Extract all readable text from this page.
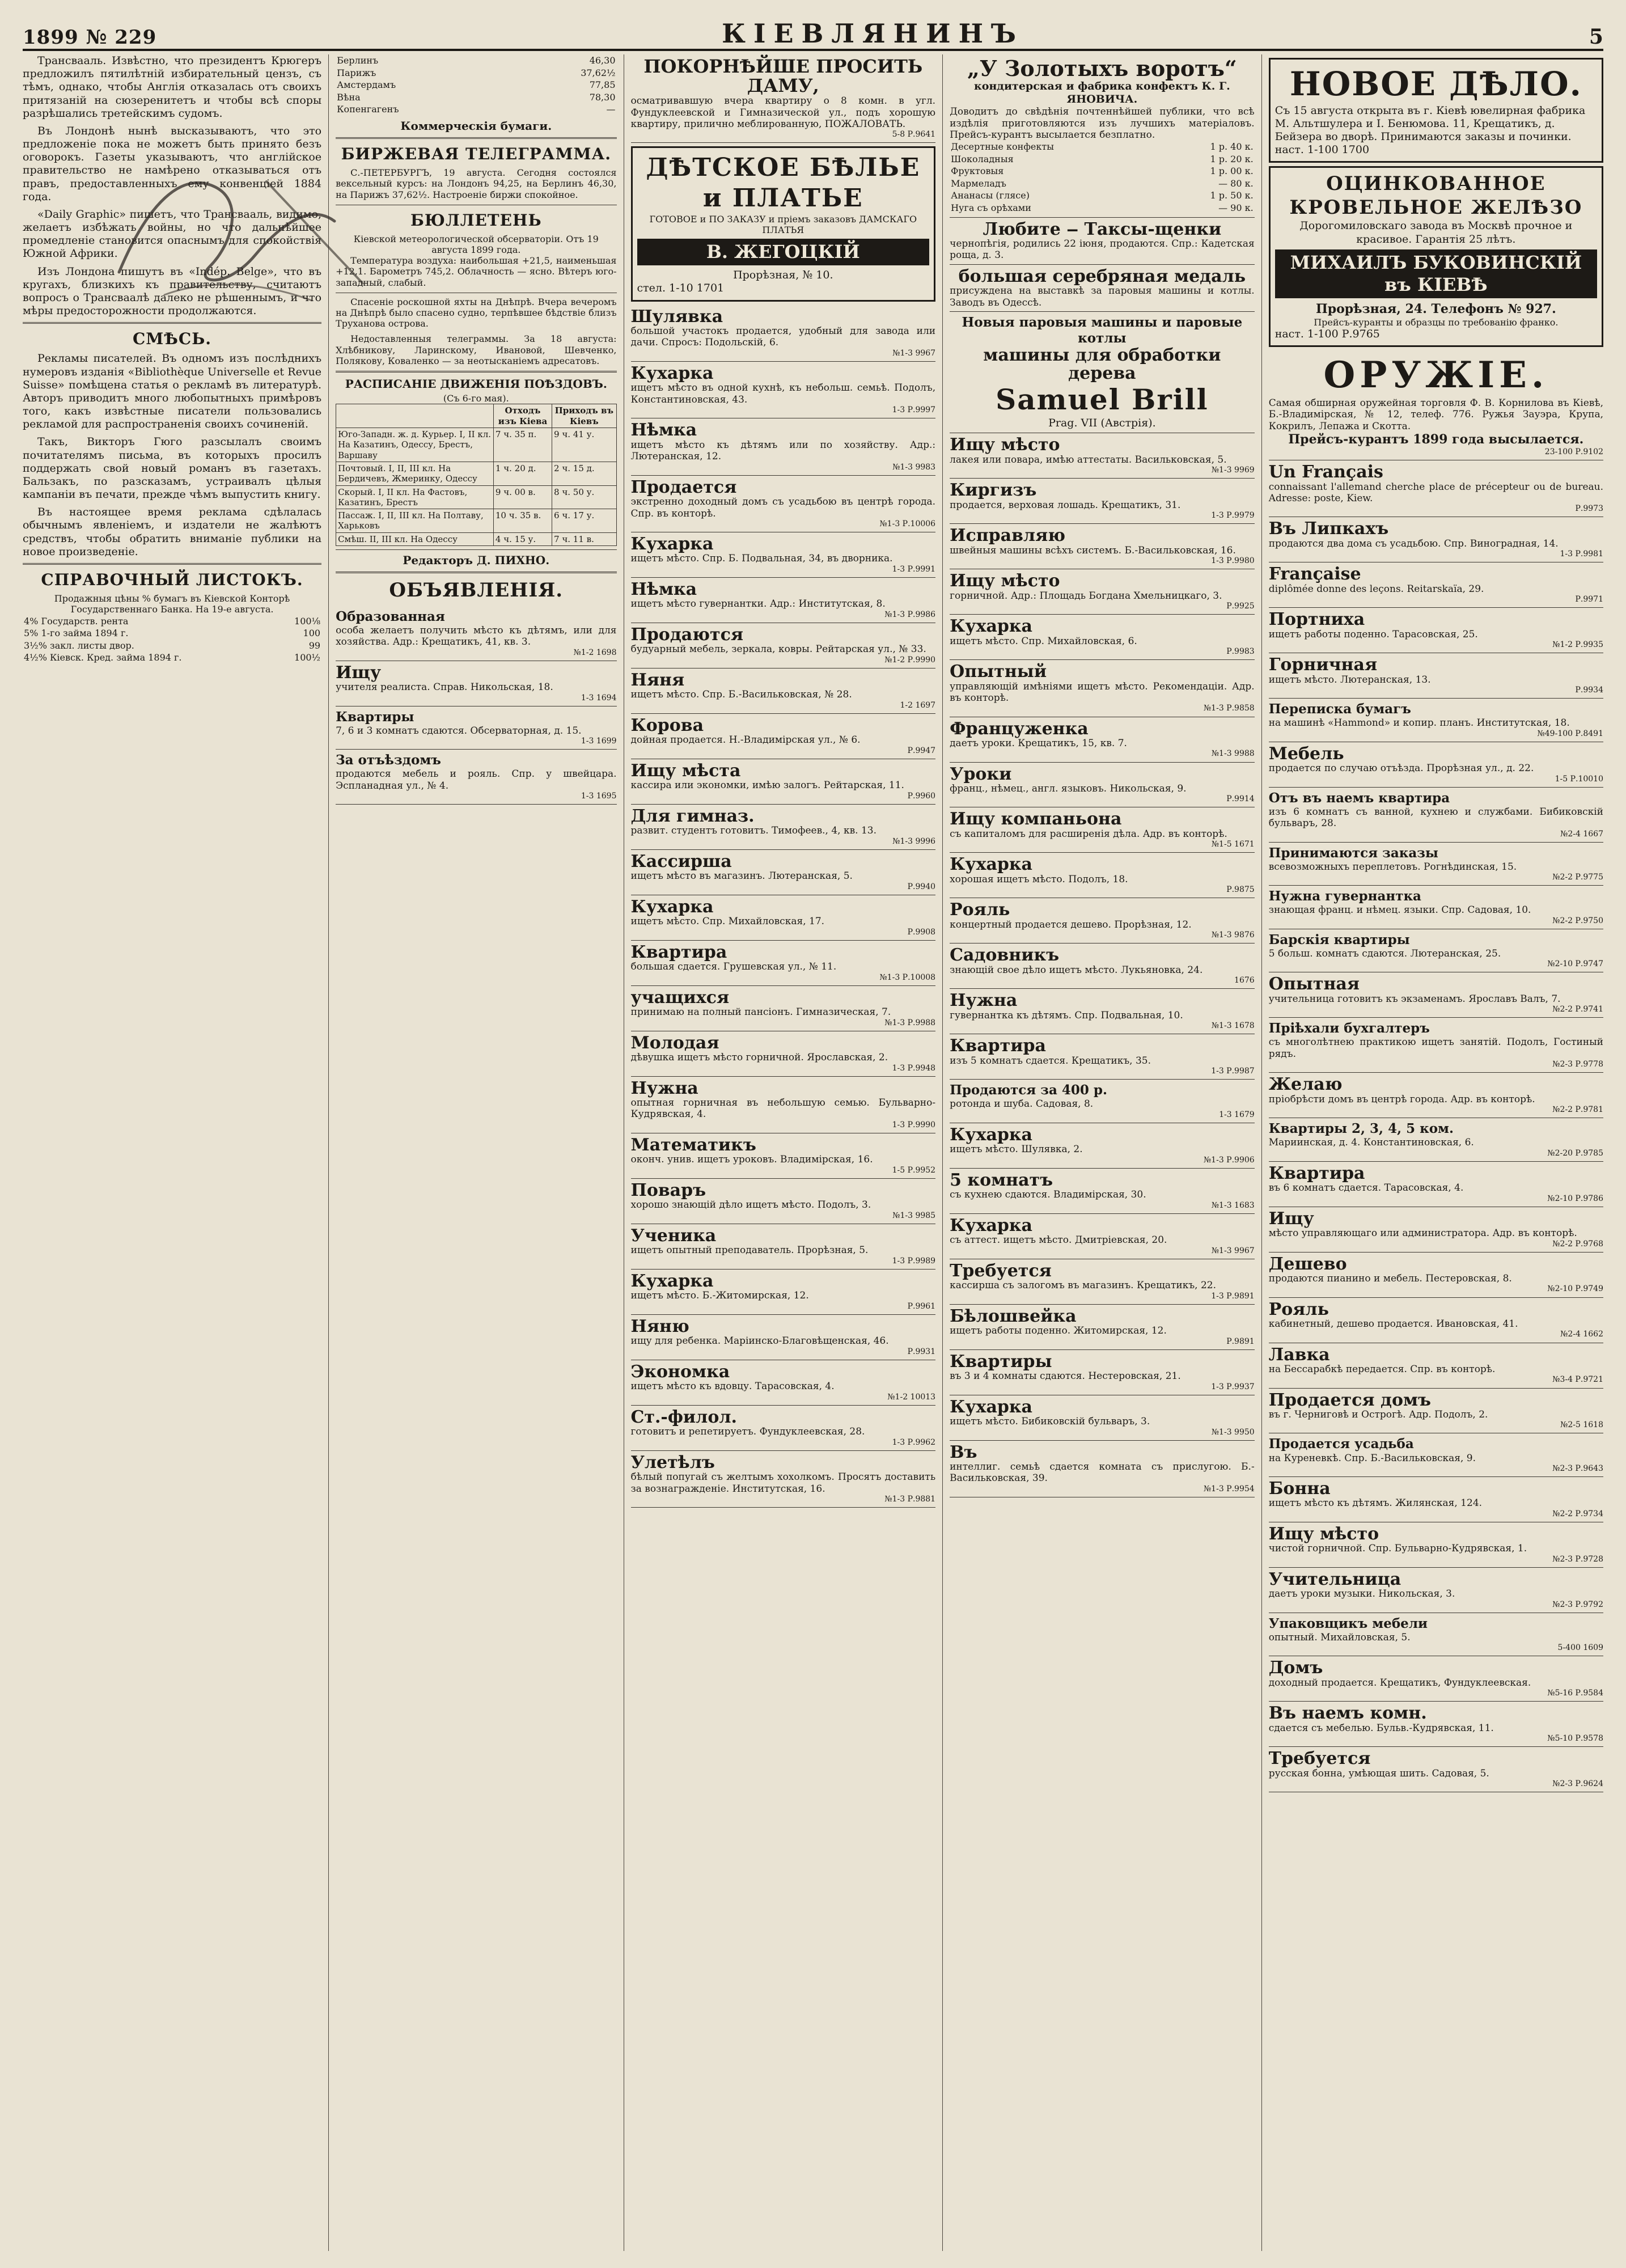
1899 № 229	КІЕВЛЯНИНЪ	5

Трансвааль. Извѣстно, что президентъ Крюгеръ предложилъ пятилѣтній избирательный цензъ, съ тѣмъ, однако, чтобы Англія отказалась отъ своихъ притязаній на сюзеренитетъ и чтобы всѣ споры разрѣшались третейскимъ судомъ.

Въ Лондонѣ нынѣ высказываютъ, что это предложеніе пока не можетъ быть принято безъ оговорокъ. Газеты указываютъ, что англійское правительство не намѣрено отказываться отъ правъ, предоставленныхъ ему конвенціей 1884 года.

«Daily Graphic» пишетъ, что Трансвааль, видимо, желаетъ избѣжать войны, но что дальнѣйшее промедленіе становится опаснымъ для спокойствія Южной Африки.

Изъ Лондона пишутъ въ «Indép. Belge», что въ кругахъ, близкихъ къ правительству, считаютъ вопросъ о Трансваалѣ далеко не рѣшеннымъ, и что мѣры предосторожности продолжаются.

СМѢСЬ.

Рекламы писателей. Въ одномъ изъ послѣднихъ нумеровъ изданія «Bibliothèque Universelle et Revue Suisse» помѣщена статья о рекламѣ въ литературѣ. Авторъ приводитъ много любопытныхъ примѣровъ того, какъ извѣстные писатели пользовались рекламой для распространенія своихъ сочиненій.

Такъ, Викторъ Гюго разсылалъ своимъ почитателямъ письма, въ которыхъ просилъ поддержать свой новый романъ въ газетахъ. Бальзакъ, по разсказамъ, устраивалъ цѣлыя кампаніи въ печати, прежде чѣмъ выпустить книгу.

Въ настоящее время реклама сдѣлалась обычнымъ явленіемъ, и издатели не жалѣютъ средствъ, чтобы обратить вниманіе публики на новое произведеніе.

СПРАВОЧНЫЙ ЛИСТОКЪ.
Продажныя цѣны % бумагъ въ Кіевской Конторѣ Государственнаго Банка. На 19-е августа.
4% Государств. рента	100⅛
5% 1-го займа 1894 г.	100
3½% закл. листы двор.	99
4½% Кіевск. Кред. займа 1894 г.	100½
Берлинъ	46,30
Парижъ	37,62½
Амстердамъ	77,85
Вѣна	78,30
Копенгагенъ	—
Коммерческія бумаги.
БИРЖЕВАЯ ТЕЛЕГРАММА.

С.-ПЕТЕРБУРГЪ, 19 августа. Сегодня состоялся вексельный курсъ: на Лондонъ 94,25, на Берлинъ 46,30, на Парижъ 37,62½. Настроеніе биржи спокойное.

БЮЛЛЕТЕНЬ
Кіевской метеорологической обсерваторіи. Отъ 19 августа 1899 года.

Температура воздуха: наибольшая +21,5, наименьшая +12,1. Барометръ 745,2. Облачность — ясно. Вѣтеръ юго-западный, слабый.

Спасеніе роскошной яхты на Днѣпрѣ. Вчера вечеромъ на Днѣпрѣ было спасено судно, терпѣвшее бѣдствіе близъ Труханова острова.

Недоставленныя телеграммы. За 18 августа: Хлѣбникову, Ларинскому, Ивановой, Шевченко, Полякову, Коваленко — за неотысканіемъ адресатовъ.

РАСПИСАНІЕ ДВИЖЕНІЯ ПОѢЗДОВЪ.
(Съ 6-го мая).
	Отходъ изъ Кіева	Приходъ въ Кіевъ
Юго-Западн. ж. д. Курьер. I, II кл. На Казатинъ, Одессу, Брестъ, Варшаву	7 ч. 35 п.	9 ч. 41 у.
Почтовый. I, II, III кл. На Бердичевъ, Жмеринку, Одессу	1 ч. 20 д.	2 ч. 15 д.
Скорый. I, II кл. На Фастовъ, Казатинъ, Брестъ	9 ч. 00 в.	8 ч. 50 у.
Пассаж. I, II, III кл. На Полтаву, Харьковъ	10 ч. 35 в.	6 ч. 17 у.
Смѣш. II, III кл. На Одессу	4 ч. 15 у.	7 ч. 11 в.
Редакторъ Д. ПИХНО.
ОБЪЯВЛЕНІЯ.
Образованная
особа желаетъ получить мѣсто къ дѣтямъ, или для хозяйства. Адр.: Крещатикъ, 41, кв. 3.
№1-2 1698
Ищу
учителя реалиста. Справ. Никольская, 18.
1-3 1694
Квартиры
7, 6 и 3 комнатъ сдаются. Обсерваторная, д. 15.
1-3 1699
За отъѣздомъ
продаются мебель и рояль. Спр. у швейцара. Эспланадная ул., № 4.
1-3 1695
ПОКОРНѢЙШЕ ПРОСИТЬ ДАМУ,
осматривавшую вчера квартиру о 8 комн. в угл. Фундуклеевской и Гимназической ул., подъ хорошую квартиру, прилично меблированную, ПОЖАЛОВАТЬ.
5-8 Р.9641
ДѢТСКОЕ БѢЛЬЕ и ПЛАТЬЕ
ГОТОВОЕ и ПО ЗАКАЗУ и пріемъ заказовъ ДАМСКАГО ПЛАТЬЯ
В. ЖЕГОЦКІЙ
Прорѣзная, № 10.
стел. 1-10 1701
Шулявка
большой участокъ продается, удобный для завода или дачи. Спросъ: Подольскій, 6.
№1-3 9967
Кухарка
ищетъ мѣсто въ одной кухнѣ, къ небольш. семьѣ. Подолъ, Константиновская, 43.
1-3 Р.9997
Нѣмка
ищетъ мѣсто къ дѣтямъ или по хозяйству. Адр.: Лютеранская, 12.
№1-3 9983
Продается
экстренно доходный домъ съ усадьбою въ центрѣ города. Спр. въ конторѣ.
№1-3 Р.10006
Кухарка
ищетъ мѣсто. Спр. Б. Подвальная, 34, въ дворника.
1-3 Р.9991
Нѣмка
ищетъ мѣсто гувернантки. Адр.: Институтская, 8.
№1-3 Р.9986
Продаются
будуарный мебель, зеркала, ковры. Рейтарская ул., № 33.
№1-2 Р.9990
Няня
ищетъ мѣсто. Спр. Б.-Васильковская, № 28.
1-2 1697
Корова
дойная продается. Н.-Владимірская ул., № 6.
Р.9947
Ищу мѣста
кассира или экономки, имѣю залогъ. Рейтарская, 11.
Р.9960
Для гимназ.
развит. студентъ готовитъ. Тимофеев., 4, кв. 13.
№1-3 9996
Кассирша
ищетъ мѣсто въ магазинъ. Лютеранская, 5.
Р.9940
Кухарка
ищетъ мѣсто. Спр. Михайловская, 17.
Р.9908
Квартира
большая сдается. Грушевская ул., № 11.
№1-3 Р.10008
учащихся
принимаю на полный пансіонъ. Гимназическая, 7.
№1-3 Р.9988
Молодая
дѣвушка ищетъ мѣсто горничной. Ярославская, 2.
1-3 Р.9948
Нужна
опытная горничная въ небольшую семью. Бульварно-Кудрявская, 4.
1-3 Р.9990
Математикъ
оконч. унив. ищетъ уроковъ. Владимірская, 16.
1-5 Р.9952
Поваръ
хорошо знающій дѣло ищетъ мѣсто. Подолъ, 3.
№1-3 9985
Ученика
ищетъ опытный преподаватель. Прорѣзная, 5.
1-3 Р.9989
Кухарка
ищетъ мѣсто. Б.-Житомирская, 12.
Р.9961
Няню
ищу для ребенка. Маріинско-Благовѣщенская, 46.
Р.9931
Экономка
ищетъ мѣсто къ вдовцу. Тарасовская, 4.
№1-2 10013
Ст.-филол.
готовитъ и репетируетъ. Фундуклеевская, 28.
1-3 Р.9962
Улетѣлъ
бѣлый попугай съ желтымъ хохолкомъ. Просятъ доставить за вознагражденіе. Институтская, 16.
№1-3 Р.9881
„У Золотыхъ воротъ“
кондитерская и фабрика конфектъ К. Г. ЯНОВИЧА.
Доводитъ до свѣдѣнія почтеннѣйшей публики, что всѣ издѣлія приготовляются изъ лучшихъ матеріаловъ. Прейсъ-курантъ высылается безплатно.
Десертные конфекты	1 р. 40 к.
Шоколадныя	1 р. 20 к.
Фруктовыя	1 р. 00 к.
Мармеладъ	— 80 к.
Ананасы (глясе)	1 р. 50 к.
Нуга съ орѣхами	— 90 к.
Любите ‒ Таксы-щенки
чернопѣгія, родились 22 іюня, продаются. Спр.: Кадетская роща, д. 3.
большая серебряная медаль
присуждена на выставкѣ за паровыя машины и котлы. Заводъ въ Одессѣ.
Новыя паровыя машины и паровые котлы
машины для обработки дерева
Samuel Brill
Prag. VII (Австрія).
Ищу мѣсто
лакея или повара, имѣю аттестаты. Васильковская, 5.
№1-3 9969
Киргизъ
продается, верховая лошадь. Крещатикъ, 31.
1-3 Р.9979
Исправляю
швейныя машины всѣхъ системъ. Б.-Васильковская, 16.
1-3 Р.9980
Ищу мѣсто
горничной. Адр.: Площадь Богдана Хмельницкаго, 3.
Р.9925
Кухарка
ищетъ мѣсто. Спр. Михайловская, 6.
Р.9983
Опытный
управляющій имѣніями ищетъ мѣсто. Рекомендаціи. Адр. въ конторѣ.
№1-3 Р.9858
Француженка
даетъ уроки. Крещатикъ, 15, кв. 7.
№1-3 9988
Уроки
франц., нѣмец., англ. языковъ. Никольская, 9.
Р.9914
Ищу компаньона
съ капиталомъ для расширенія дѣла. Адр. въ конторѣ.
№1-5 1671
Кухарка
хорошая ищетъ мѣсто. Подолъ, 18.
Р.9875
Рояль
концертный продается дешево. Прорѣзная, 12.
№1-3 9876
Садовникъ
знающій свое дѣло ищетъ мѣсто. Лукьяновка, 24.
1676
Нужна
гувернантка къ дѣтямъ. Спр. Подвальная, 10.
№1-3 1678
Квартира
изъ 5 комнатъ сдается. Крещатикъ, 35.
1-3 Р.9987
Продаются за 400 р.
ротонда и шуба. Садовая, 8.
1-3 1679
Кухарка
ищетъ мѣсто. Шулявка, 2.
№1-3 Р.9906
5 комнатъ
съ кухнею сдаются. Владимірская, 30.
№1-3 1683
Кухарка
съ аттест. ищетъ мѣсто. Дмитріевская, 20.
№1-3 9967
Требуется
кассирша съ залогомъ въ магазинъ. Крещатикъ, 22.
1-3 Р.9891
Бѣлошвейка
ищетъ работы поденно. Житомирская, 12.
Р.9891
Квартиры
въ 3 и 4 комнаты сдаются. Нестеровская, 21.
1-3 Р.9937
Кухарка
ищетъ мѣсто. Бибиковскій бульваръ, 3.
№1-3 9950
Въ
интеллиг. семьѣ сдается комната съ прислугою. Б.-Васильковская, 39.
№1-3 Р.9954
НОВОЕ ДѢЛО.
Съ 15 августа открыта въ г. Кіевѣ ювелирная фабрика М. Альтшулера и І. Бенюмова. 11, Крещатикъ, д. Бейзера во дворѣ. Принимаются заказы и починки.
наст. 1-100 1700
ОЦИНКОВАННОЕ КРОВЕЛЬНОЕ ЖЕЛѢЗО
Дорогомиловскаго завода въ Москвѣ прочное и красивое. Гарантія 25 лѣтъ.
МИХАИЛЪ БУКОВИНСКІЙ въ КІЕВѢ
Прорѣзная, 24. Телефонъ № 927.
Прейсъ-куранты и образцы по требованію франко.
наст. 1-100 Р.9765
ОРУЖІЕ.
Самая обширная оружейная торговля Ф. В. Корнилова въ Кіевѣ, Б.-Владимірская, № 12, телеф. 776. Ружья Зауэра, Крупа, Кокрилъ, Лепажа и Скотта.
Прейсъ-курантъ 1899 года высылается.
23-100 Р.9102
Un Français
connaissant l'allemand cherche place de précepteur ou de bureau. Adresse: poste, Kiew.
Р.9973
Въ Липкахъ
продаются два дома съ усадьбою. Спр. Виноградная, 14.
1-3 Р.9981
Française
diplômée donne des leçons. Reitarskaïa, 29.
Р.9971
Портниха
ищетъ работы поденно. Тарасовская, 25.
№1-2 Р.9935
Горничная
ищетъ мѣсто. Лютеранская, 13.
Р.9934
Переписка бумагъ
на машинѣ «Hammond» и копир. планъ. Институтская, 18.
№49-100 Р.8491
Мебель
продается по случаю отъѣзда. Прорѣзная ул., д. 22.
1-5 Р.10010
Отъ въ наемъ квартира
изъ 6 комнатъ съ ванной, кухнею и службами. Бибиковскій бульваръ, 28.
№2-4 1667
Принимаются заказы
всевозможныхъ переплетовъ. Рогнѣдинская, 15.
№2-2 Р.9775
Нужна гувернантка
знающая франц. и нѣмец. языки. Спр. Садовая, 10.
№2-2 Р.9750
Барскія квартиры
5 больш. комнатъ сдаются. Лютеранская, 25.
№2-10 Р.9747
Опытная
учительница готовитъ къ экзаменамъ. Ярославъ Валъ, 7.
№2-2 Р.9741
Пріѣхали бухгалтеръ
съ многолѣтнею практикою ищетъ занятій. Подолъ, Гостиный рядъ.
№2-3 Р.9778
Желаю
пріобрѣсти домъ въ центрѣ города. Адр. въ конторѣ.
№2-2 Р.9781
Квартиры 2, 3, 4, 5 ком.
Мариинская, д. 4. Константиновская, 6.
№2-20 Р.9785
Квартира
въ 6 комнатъ сдается. Тарасовская, 4.
№2-10 Р.9786
Ищу
мѣсто управляющаго или администратора. Адр. въ конторѣ.
№2-2 Р.9768
Дешево
продаются пианино и мебель. Пестеровская, 8.
№2-10 Р.9749
Рояль
кабинетный, дешево продается. Ивановская, 41.
№2-4 1662
Лавка
на Бессарабкѣ передается. Спр. въ конторѣ.
№3-4 Р.9721
Продается домъ
въ г. Черниговѣ и Острогѣ. Адр. Подолъ, 2.
№2-5 1618
Продается усадьба
на Куреневкѣ. Спр. Б.-Васильковская, 9.
№2-3 Р.9643
Бонна
ищетъ мѣсто къ дѣтямъ. Жилянская, 124.
№2-2 Р.9734
Ищу мѣсто
чистой горничной. Спр. Бульварно-Кудрявская, 1.
№2-3 Р.9728
Учительница
даетъ уроки музыки. Никольская, 3.
№2-3 Р.9792
Упаковщикъ мебели
опытный. Михайловская, 5.
5-400 1609
Домъ
доходный продается. Крещатикъ, Фундуклеевская.
№5-16 Р.9584
Въ наемъ комн.
сдается съ мебелью. Бульв.-Кудрявская, 11.
№5-10 Р.9578
Требуется
русская бонна, умѣющая шить. Садовая, 5.
№2-3 Р.9624
